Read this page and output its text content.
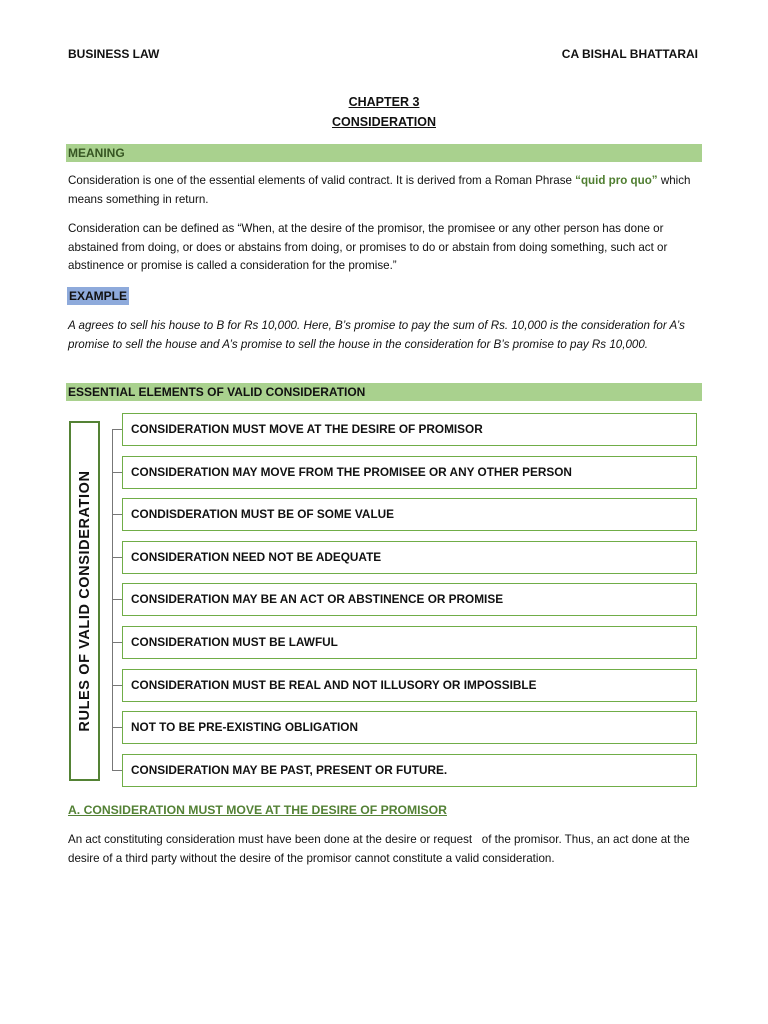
BUSINESS LAW	CA BISHAL BHATTARAI
CHAPTER 3
CONSIDERATION
MEANING

Consideration is one of the essential elements of valid contract. It is derived from a Roman Phrase “quid pro quo” which means something in return.

Consideration can be defined as “When, at the desire of the promisor, the promisee or any other person has done or abstained from doing, or does or abstains from doing, or promises to do or abstain from doing something, such act or abstinence or promise is called a consideration for the promise.”

EXAMPLE

A agrees to sell his house to B for Rs 10,000. Here, B’s promise to pay the sum of Rs. 10,000 is the consideration for A’s promise to sell the house and A’s promise to sell the house in the consideration for B’s promise to pay Rs 10,000.

ESSENTIAL ELEMENTS OF VALID CONSIDERATION
RULES OF VALID CONSIDERATION
CONSIDERATION MUST MOVE AT THE DESIRE OF PROMISOR
CONSIDERATION MAY MOVE FROM THE PROMISEE OR ANY OTHER PERSON
CONDISDERATION MUST BE OF SOME VALUE
CONSIDERATION NEED NOT BE ADEQUATE
CONSIDERATION MAY BE AN ACT OR ABSTINENCE OR PROMISE
CONSIDERATION MUST BE LAWFUL
CONSIDERATION MUST BE REAL AND NOT ILLUSORY OR IMPOSSIBLE
NOT TO BE PRE-EXISTING OBLIGATION
CONSIDERATION MAY BE PAST, PRESENT OR FUTURE.
A. CONSIDERATION MUST MOVE AT THE DESIRE OF PROMISOR

An act constituting consideration must have been done at the desire or request   of the promisor. Thus, an act done at the desire of a third party without the desire of the promisor cannot constitute a valid consideration.
